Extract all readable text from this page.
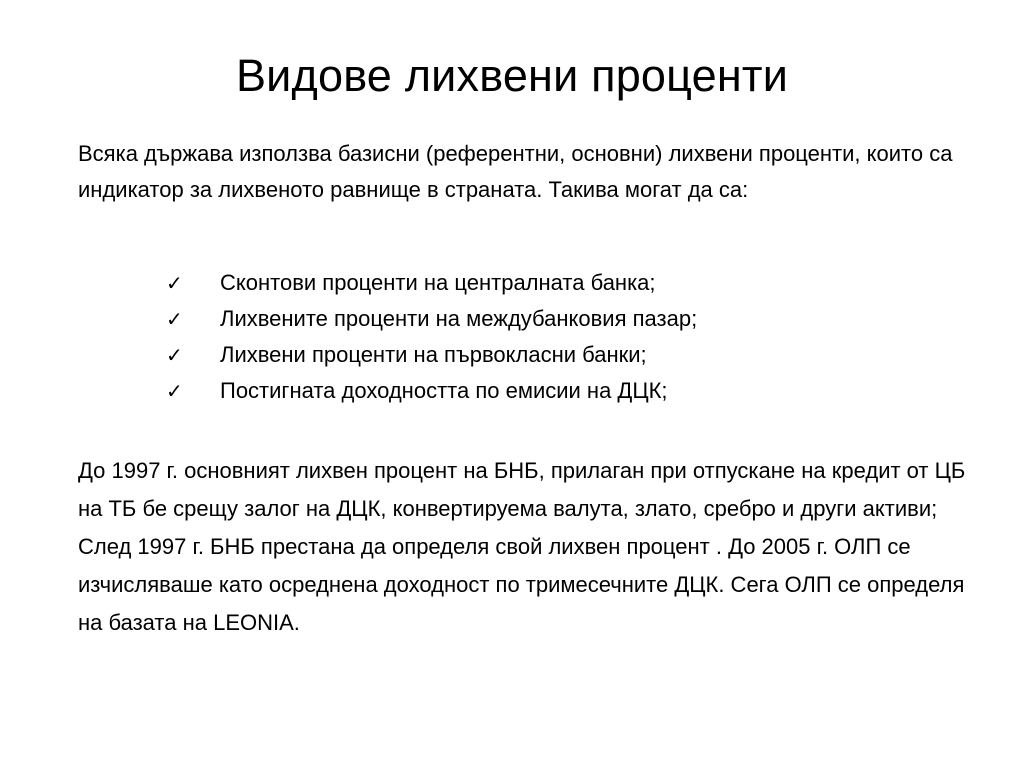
Видове лихвени проценти

Всяка държава използва базисни (референтни, основни) лихвени проценти, които са индикатор за лихвеното равнище в страната. Такива могат да са:

✓	Сконтови проценти на централната банка;
✓	Лихвените проценти на междубанковия пазар;
✓	Лихвени проценти на първокласни банки;
✓	Постигната доходността по емисии на ДЦК;

До 1997 г. основният лихвен процент на БНБ, прилаган при отпускане на кредит от ЦБ на ТБ бе срещу залог на ДЦК, конвертируема валута, злато, сребро и други активи; След 1997 г. БНБ престана да определя свой лихвен процент . До 2005 г. ОЛП се изчисляваше като осреднена доходност по тримесечните ДЦК. Сега ОЛП се определя на базата на LEONIA.
